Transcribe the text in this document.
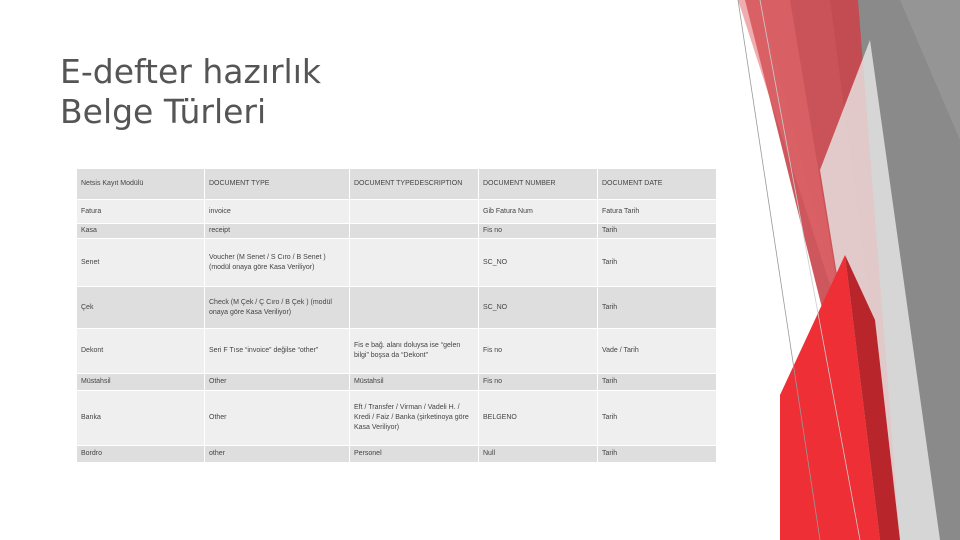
E-defter hazırlık
Belge Türleri
Netsis Kayıt Modülü	DOCUMENT TYPE	DOCUMENT TYPEDESCRIPTION	DOCUMENT NUMBER	DOCUMENT DATE
Fatura	invoice		Gib Fatura Num	Fatura Tarih
Kasa	receipt		Fis no	Tarih
Senet	Voucher (M Senet / S Cıro / B Senet ) (modül onaya göre Kasa Veriliyor)		SC_NO	Tarih
Çek	Check (M Çek / Ç Cıro / B Çek ) (modül onaya göre Kasa Veriliyor)		SC_NO	Tarih
Dekont	Seri F Tıse “invoice” değilse “other”	Fis e bağ. alanı doluysa ise “gelen bilgi” boşsa da “Dekont”	Fis no	Vade / Tarih
Müstahsil	Other	Müstahsil	Fis no	Tarih
Banka	Other	Eft / Transfer / Virman / Vadeli H. / Kredi / Faiz / Banka (şirketinoya göre Kasa Veriliyor)	BELGENO	Tarih
Bordro	other	Personel	Null	Tarih
